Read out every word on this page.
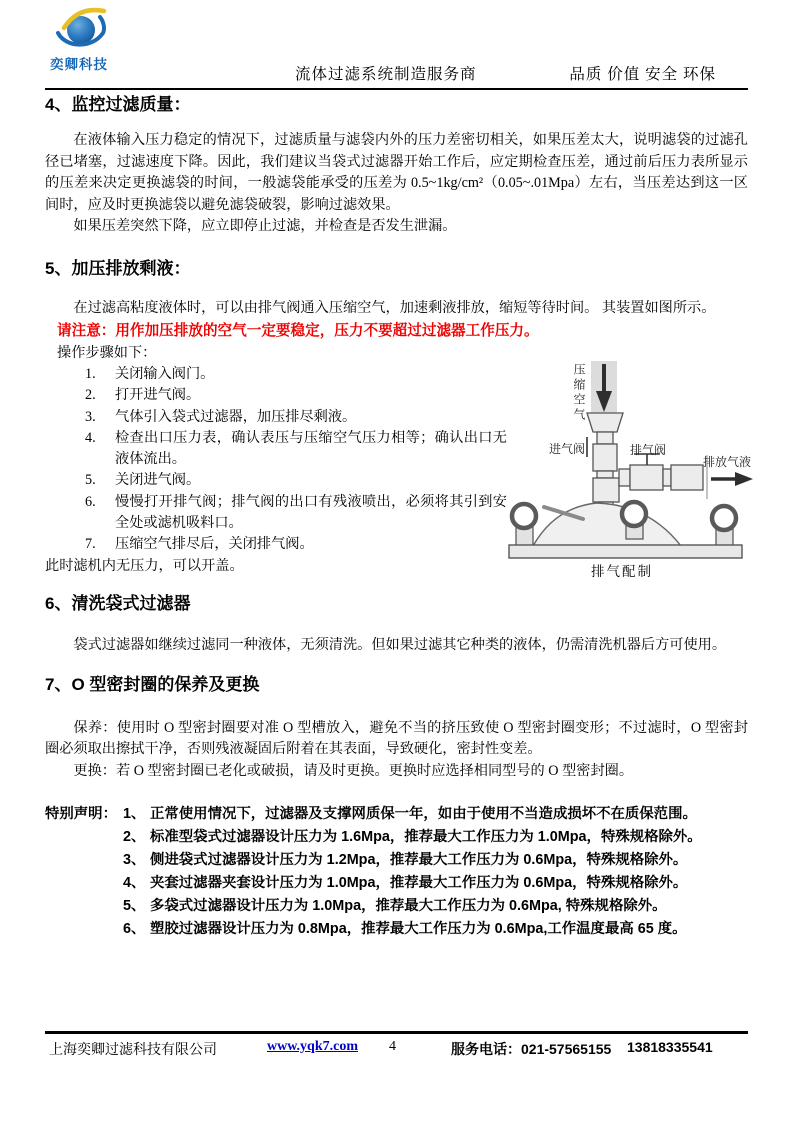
奕卿科技
流体过滤系统制造服务商	品质 价值 安全 环保
4、监控过滤质量：

在液体输入压力稳定的情况下，过滤质量与滤袋内外的压力差密切相关，如果压差太大，说明滤袋的过滤孔径已堵塞，过滤速度下降。因此，我们建议当袋式过滤器开始工作后，应定期检查压差，通过前后压力表所显示的压差来决定更换滤袋的时间，一般滤袋能承受的压差为 0.5~1kg/cm²（0.05~.01Mpa）左右，当压差达到这一区间时，应及时更换滤袋以避免滤袋破裂，影响过滤效果。

如果压差突然下降，应立即停止过滤，并检查是否发生泄漏。

5、加压排放剩液：

在过滤高粘度液体时，可以由排气阀通入压缩空气，加速剩液排放，缩短等待时间。 其装置如图所示。

请注意：用作加压排放的空气一定要稳定，压力不要超过过滤器工作压力。
操作步骤如下：
1.	关闭输入阀门。
2.	打开进气阀。
3.	气体引入袋式过滤器，加压排尽剩液。
4.	检查出口压力表，确认表压与压缩空气压力相等；确认出口无液体流出。
5.	关闭进气阀。
6.	慢慢打开排气阀；排气阀的出口有残液喷出，必须将其引到安全处或滤机吸料口。
7.	压缩空气排尽后，关闭排气阀。
此时滤机内无压力，可以开盖。
6、清洗袋式过滤器

袋式过滤器如继续过滤同一种液体，无须清洗。但如果过滤其它种类的液体，仍需清洗机器后方可使用。

7、O 型密封圈的保养及更换

保养：使用时 O 型密封圈要对准 O 型槽放入，避免不当的挤压致使 O 型密封圈变形；不过滤时，O 型密封圈必须取出擦拭干净，否则残液凝固后附着在其表面，导致硬化，密封性变差。

更换：若 O 型密封圈已老化或破损，请及时更换。更换时应选择相同型号的 O 型密封圈。

特别声明： 1、 正常使用情况下，过滤器及支撑网质保一年，如由于使用不当造成损坏不在质保范围。
2、 标准型袋式过滤器设计压力为 1.6Mpa，推荐最大工作压力为 1.0Mpa，特殊规格除外。
3、 侧进袋式过滤器设计压力为 1.2Mpa，推荐最大工作压力为 0.6Mpa，特殊规格除外。
4、 夹套过滤器夹套设计压力为 1.0Mpa，推荐最大工作压力为 0.6Mpa，特殊规格除外。
5、 多袋式过滤器设计压力为 1.0Mpa，推荐最大工作压力为 0.6Mpa, 特殊规格除外。
6、 塑胶过滤器设计压力为 0.8Mpa，推荐最大工作压力为 0.6Mpa,工作温度最高 65 度。
压缩空气
进气阀	排气阀
排放气液
排气配制
上海奕卿过滤科技有限公司	www.yqk7.com 4	服务电话：021-57565155 13818335541
